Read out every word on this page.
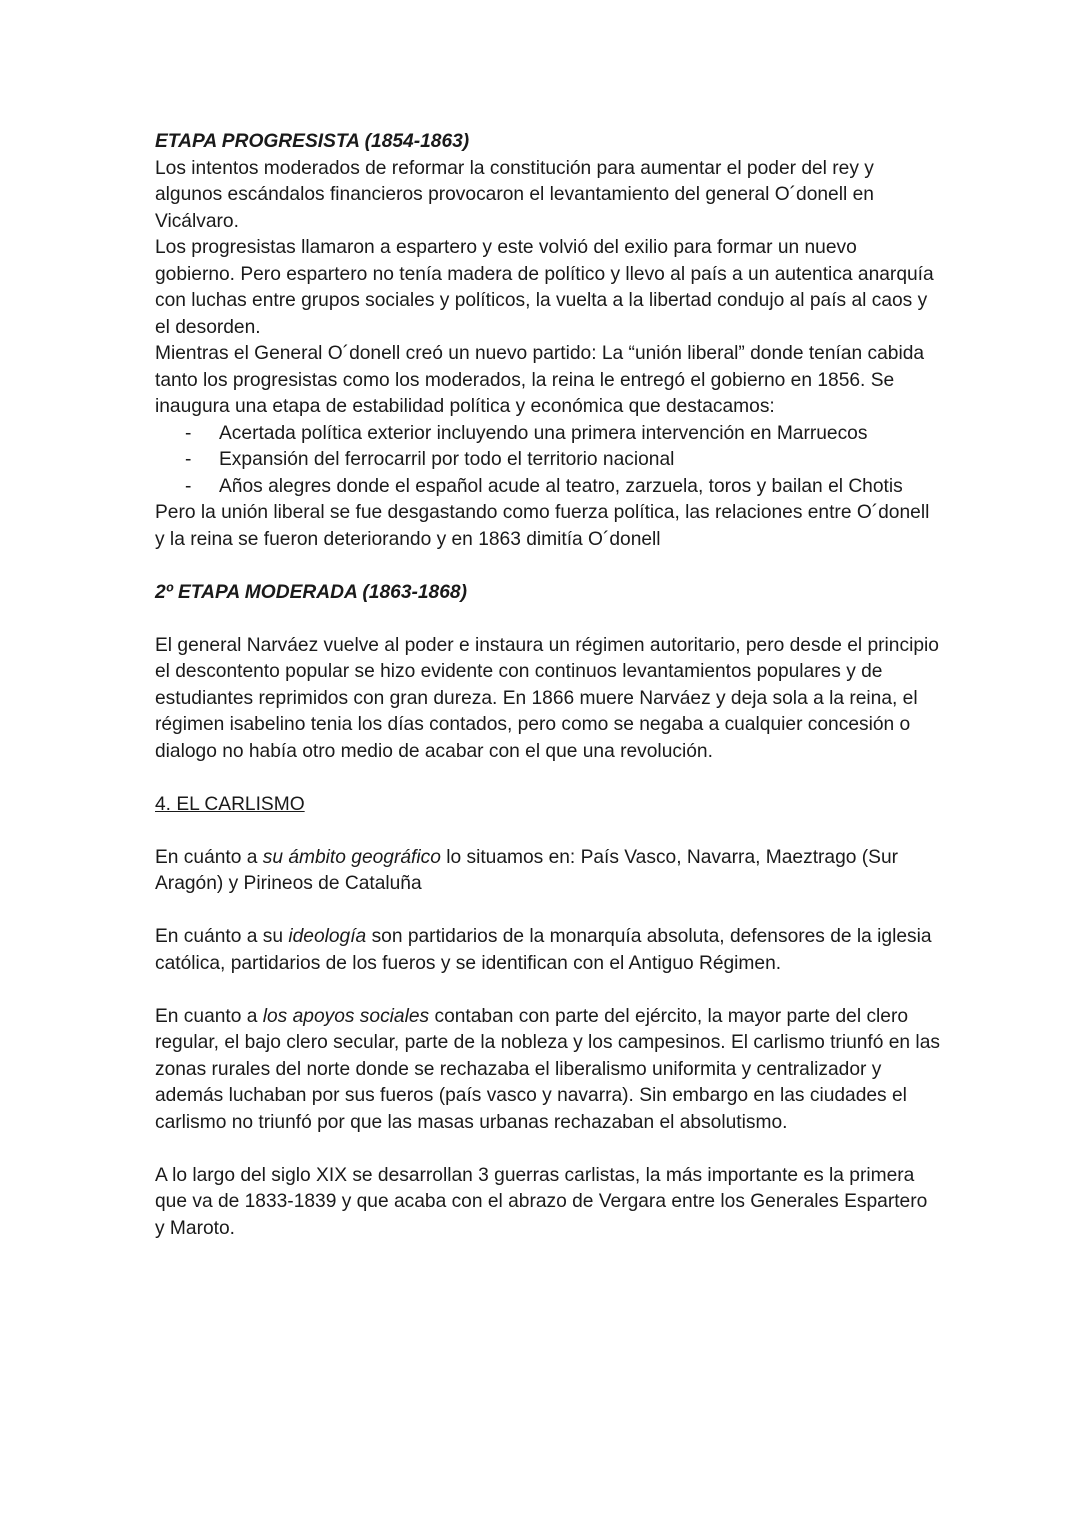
ETAPA PROGRESISTA (1854-1863)

Los intentos moderados de reformar la constitución para aumentar el poder del rey y algunos escándalos financieros provocaron el levantamiento del general O´donell en Vicálvaro.

Los progresistas llamaron a espartero y este volvió del exilio para formar un nuevo gobierno. Pero espartero no tenía madera de político y llevo al país a un autentica anarquía con luchas entre grupos sociales y políticos, la vuelta a la libertad condujo al país al caos y el desorden.

Mientras el General O´donell creó un nuevo partido: La “unión liberal” donde tenían cabida tanto los progresistas como los moderados, la reina le entregó el gobierno en 1856. Se inaugura una etapa de estabilidad política y económica que destacamos:

- Acertada política exterior incluyendo una primera intervención en Marruecos
- Expansión del ferrocarril por todo el territorio nacional
- Años alegres donde el español acude al teatro, zarzuela, toros y bailan el Chotis

Pero la unión liberal se fue desgastando como fuerza política, las relaciones entre O´donell y la reina se fueron deteriorando y en 1863 dimitía O´donell

2º ETAPA MODERADA (1863-1868)

El general Narváez vuelve al poder e instaura un régimen autoritario, pero desde el principio el descontento popular se hizo evidente con continuos levantamientos populares y de estudiantes reprimidos con gran dureza. En 1866 muere Narváez y deja sola a la reina, el régimen isabelino tenia los días contados, pero como se negaba a cualquier concesión o dialogo no había otro medio de acabar con el que una revolución.

4. EL CARLISMO

En cuánto a su ámbito geográfico lo situamos en: País Vasco, Navarra, Maeztrago (Sur Aragón) y Pirineos de Cataluña

En cuánto a su ideología son partidarios de la monarquía absoluta, defensores de la iglesia católica, partidarios de los fueros y se identifican con el Antiguo Régimen.

En cuanto a los apoyos sociales contaban con parte del ejército, la mayor parte del clero regular, el bajo clero secular, parte de la nobleza y los campesinos. El carlismo triunfó en las zonas rurales del norte donde se rechazaba el liberalismo uniformita y centralizador y además luchaban por sus fueros (país vasco y navarra). Sin embargo en las ciudades el carlismo no triunfó por que las masas urbanas rechazaban el absolutismo.

A lo largo del siglo XIX se desarrollan 3 guerras carlistas, la más importante es la primera que va de 1833-1839 y que acaba con el abrazo de Vergara entre los Generales Espartero y Maroto.
